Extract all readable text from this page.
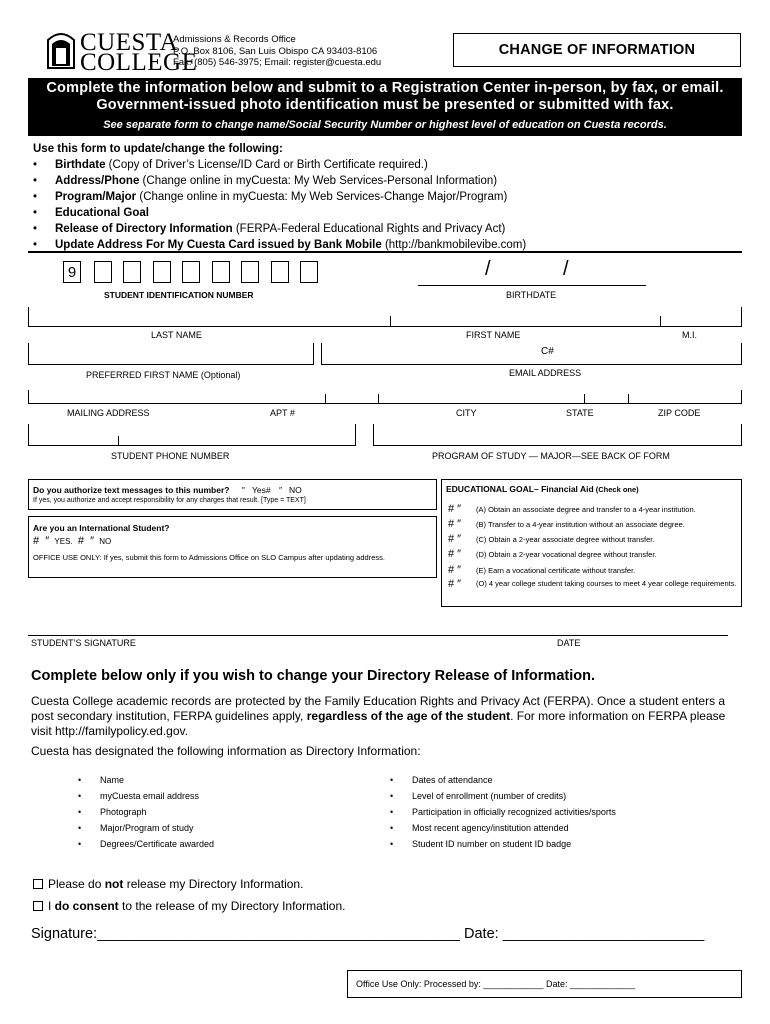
CUESTA
COLLEGE
Admissions & Records Office
P.O. Box 8106, San Luis Obispo CA 93403-8106
Fax: (805) 546-3975; Email: register@cuesta.edu
CHANGE OF INFORMATION
Complete the information below and submit to a Registration Center in-person, by fax, or email.
Government-issued photo identification must be presented or submitted with fax.
See separate form to change name/Social Security Number or highest level of education on Cuesta records.
Use this form to update/change the following:
• Birthdate (Copy of Driver’s License/ID Card or Birth Certificate required.)
• Address/Phone (Change online in myCuesta: My Web Services-Personal Information)
• Program/Major (Change online in myCuesta: My Web Services-Change Major/Program)
• Educational Goal
• Release of Directory Information (FERPA-Federal Educational Rights and Privacy Act)
• Update Address For My Cuesta Card issued by Bank Mobile (http://bankmobilevibe.com)
9
STUDENT IDENTIFICATION NUMBER
/	/
BIRTHDATE
LAST NAME	FIRST NAME	M.I.
C#
PREFERRED FIRST NAME (Optional)	EMAIL ADDRESS
MAILING ADDRESS	APT #	CITY	STATE	ZIP CODE
STUDENT PHONE NUMBER	PROGRAM OF STUDY — MAJOR—SEE BACK OF FORM
Do you authorize text messages to this number? ″ Yes# ″ NO
If yes, you authorize and accept responsibility for any charges that result. [Type = TEXT]
Are you an International Student?
# ″ YES. # ″ NO
OFFICE USE ONLY: If yes, submit this form to Admissions Office on SLO Campus after updating address.
EDUCATIONAL GOAL– Financial Aid (Check one)
# ″ (A) Obtain an associate degree and transfer to a 4-year institution.
# ″ (B) Transfer to a 4-year institution without an associate degree.
# ″ (C) Obtain a 2-year associate degree without transfer.
# ″ (D) Obtain a 2-year vocational degree without transfer.
# ″ (E) Earn a vocational certificate without transfer.
# ″	(O) 4 year college student taking courses to meet 4 year college requirements.
STUDENT’S SIGNATURE	DATE
Complete below only if you wish to change your Directory Release of Information.
Cuesta College academic records are protected by the Family Education Rights and Privacy Act (FERPA). Once a student enters a post secondary institution, FERPA guidelines apply, regardless of the age of the student. For more information on FERPA please visit http://familypolicy.ed.gov.
Cuesta has designated the following information as Directory Information:
• Name
• myCuesta email address
• Photograph
• Major/Program of study
• Degrees/Certificate awarded
• Dates of attendance
• Level of enrollment (number of credits)
• Participation in officially recognized activities/sports
• Most recent agency/institution attended
• Student ID number on student ID badge
Please do not release my Directory Information.
I do consent to the release of my Directory Information.
Signature:_____________________________________________ Date: _________________________
Office Use Only: Processed by: ____________ Date: _____________
